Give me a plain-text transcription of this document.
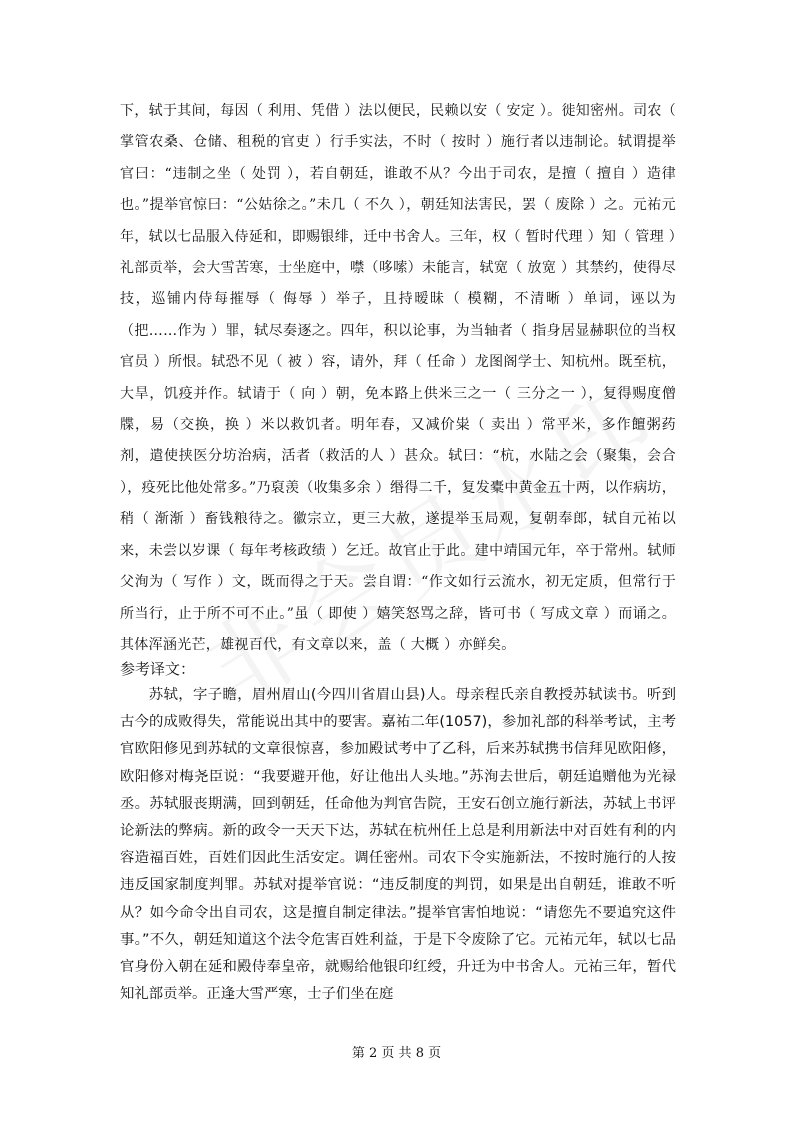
下，轼于其间，每因（ 利用、凭借 ）法以便民，民赖以安（ 安定 ）。徙知密州。司农（ 掌管农桑、仓储、租税的官吏 ）行手实法，不时（ 按时 ）施行者以违制论。轼谓提举官曰：“违制之坐（ 处罚 ），若自朝廷，谁敢不从？今出于司农，是擅（ 擅自 ）造律也。”提举官惊曰：“公姑徐之。”未几（ 不久 ），朝廷知法害民，罢（ 废除 ）之。元祐元年，轼以七品服入侍延和，即赐银绯，迁中书舍人。三年，权（ 暂时代理 ）知（ 管理 ）礼部贡举，会大雪苦寒，士坐庭中，噤（哆嗦）未能言，轼宽（ 放宽 ）其禁约，使得尽技，巡铺内侍每摧辱（ 侮辱 ）举子，且持暧昧（ 模糊，不清晰 ）单词，诬以为（把……作为 ）罪，轼尽奏逐之。四年，积以论事，为当轴者（ 指身居显赫职位的当权官员 ）所恨。轼恐不见（ 被 ）容，请外，拜（ 任命 ）龙图阁学士、知杭州。既至杭，大旱，饥疫并作。轼请于（ 向 ）朝，免本路上供米三之一（ 三分之一 ），复得赐度僧牒，易（交换，换 ）米以救饥者。明年春，又减价粜（ 卖出 ）常平米，多作饘粥药剂，遣使挟医分坊治病，活者（救活的人 ）甚众。轼曰：“杭，水陆之会（聚集，会合 ），疫死比他处常多。”乃裒羡（收集多余 ）缗得二千，复发橐中黄金五十两，以作病坊，稍（ 渐渐 ）畜钱粮待之。徽宗立，更三大赦，遂提举玉局观，复朝奉郎，轼自元祐以来，未尝以岁课（ 每年考核政绩 ）乞迁。故官止于此。建中靖国元年，卒于常州。轼师父洵为（ 写作 ）文，既而得之于天。尝自谓：“作文如行云流水，初无定质，但常行于所当行，止于所不可不止。”虽（ 即使 ）嬉笑怒骂之辞，皆可书（ 写成文章 ）而诵之。其体浑涵光芒，雄视百代，有文章以来，盖（ 大概 ）亦鲜矣。
参考译文：

苏轼，字子瞻，眉州眉山(今四川省眉山县)人。母亲程氏亲自教授苏轼读书。听到古今的成败得失，常能说出其中的要害。嘉祐二年(1057)，参加礼部的科举考试，主考官欧阳修见到苏轼的文章很惊喜，参加殿试考中了乙科，后来苏轼携书信拜见欧阳修，欧阳修对梅尧臣说：“我要避开他，好让他出人头地。”苏洵去世后，朝廷追赠他为光禄丞。苏轼服丧期满，回到朝廷，任命他为判官告院，王安石创立施行新法，苏轼上书评论新法的弊病。新的政令一天天下达，苏轼在杭州任上总是利用新法中对百姓有利的内容造福百姓，百姓们因此生活安定。调任密州。司农下令实施新法，不按时施行的人按违反国家制度判罪。苏轼对提举官说：“违反制度的判罚，如果是出自朝廷，谁敢不听从？如今命令出自司农，这是擅自制定律法。”提举官害怕地说：“请您先不要追究这件事。”不久，朝廷知道这个法令危害百姓利益，于是下令废除了它。元祐元年，轼以七品官身份入朝在延和殿侍奉皇帝，就赐给他银印红绶，升迁为中书舍人。元祐三年，暂代知礼部贡举。正逢大雪严寒，士子们坐在庭

第 2 页 共 8 页
